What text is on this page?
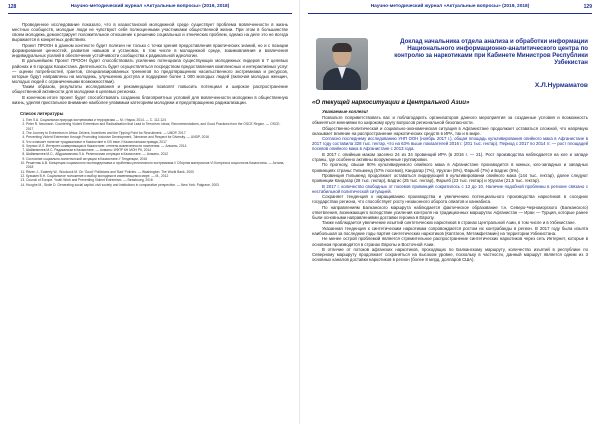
128	Научно-методический журнал «Актуальные вопросы» (2019, 2018)

Проведенное исследование показало, что в казахстанской молодежной среде существует проблема вовлеченности в жизнь местных сообществ, молодые люди не чувствуют себя полноценными участниками общественной жизни. При этом в большинстве своем молодежь демонстрирует положительное отношение к решению социальных и этнических проблем, однако на деле это не всегда выражается в конкретных действиях.

Проект ПРООН в данном контексте будет полезен не только с точки зрения предоставления практических знаний, но и с позиции формирования ценностей, развития навыков и установок, в том числе в молодежной среде, взаимовлияния и вовлечения индивидуальных усилий в обеспечение устойчивости сообщества к радикальной идеологии.

В дальнейшем Проект ПРООН будет способствовать усилению потенциала существующих молодежных лидеров в 7 целевых районах и 6 городах Казахстана. Деятельность будет осуществляться посредством предоставления комплексных и интерактивных услуг — оценки потребностей, грантов, специализированных тренингов по предотвращению насильственного экстремизма и ресурсов, которые будут направлены на молодежь, улучшению доступа и поддержке более 1 000 молодых людей (включая молодых женщин, молодых людей с ограниченными возможностями).

Таким образом, результаты исследования и рекомендации позволят повысить потенциал и широкое распространение общественной активности для молодежи в целевых регионах.

В конечном итоге проект будет способствовать созданию благоприятных условий для вовлеченности молодежи в общественную жизнь, уделяя пристальное внимание наиболее уязвимым категориям молодежи и предотвращению радикализации.

Список литературы
1. Пэн Л.А. Социальная природа экстремизма и терроризма — М.: Наука, 2014. — С. 112-124
2. Peter R. Neumann. Countering Violent Extremism and Radicalisation that Lead to Terrorism: Ideas, Recommendations, and Good Practices from the OSCE Region. — OSCE, 2017
3. The Journey to Extremism in Africa: Drivers, Incentives and the Tipping Point for Recruitment. — UNDP, 2017
4. Preventing Violent Extremism through Promoting Inclusive Development, Tolerance and Respect for Diversity. — UNDP, 2016
5. Что означает понятие «радикализм» в Казахстане в XXI веке // Казахстанская правда, 2017
6. Черных И.Л. Интернет-коммуникации в Казахстане: степень вовлеченности населения. — Алматы, 2014
7. Шайкемелев М.С. Радикализм в Казахстане. — Алматы: ИФПР КН МОН РК, 2014
8. Шайкемелев М.С., Абдрахманова Л.А. Религиозная ситуация в Казахстане. — Алматы, 2012
9. Состояние социально-политической ситуации в Казахстане // Тенденции, 2016
10. Решетняк А.В. Концепция социального постмодернизма и проблемы религиозного экстремизма // Сборник материалов VI Конгресса социологов Казахстана. — Астана, 2018
11. Ritzen J., Easterly W., Woolcock M. On 'Good' Politicians and 'Bad' Policies. — Washington: The World Bank, 2000
12. Кузьмин В.Н. Социальное положение и выбор молодежи в изменяющемся мире. — М., 2012
13. Council of Europe. Youth Work and Preventing Violent Extremism. — Strasbourg, 2016
14. Hooghe M., Stolle D. Generating social capital: civil society and institutions in comparative perspective. — New York: Palgrave, 2003
Научно-методический журнал «Актуальные вопросы» (2019, 2018)	129
Доклад начальника отдела анализа и обработки информации Национального информационно-аналитического центра по контролю за наркотиками при Кабинете Министров Республики Узбекистан
Х.Л.Нурмаматов
«О текущей наркоситуации в Центральной Азии»
Уважаемые коллеги!

Позвольте поприветствовать вас и поблагодарить организаторов данного мероприятия за созданные условия и возможность обменяться мнениями по широкому кругу вопросов региональной безопасности.

Общественно-политическая и социально-экономическая ситуация в Афганистане продолжает оставаться сложной, что напрямую оказывает влияние на распространение наркотических средств в ИРА, так и в мире.

Согласно последнему исследованию УНП ООН (ноябрь 2017 г.), общая площадь культивирования опийного мака в Афганистане в 2017 году составила 328 тыс. гектар, что на 63% выше показателей 2016 г. (201 тыс. гектар). Период с 2017 по 2014 гг. — рост площадей посевов опийного мака в Афганистане с 2013 года.

В 2017 г. опийным маком засеяно 24 из 34 провинций ИРА (в 2016 г. — 21). Рост производства наблюдается на юге и западе страны, где особенно активны вооруженные группировки.

По прогнозу, свыше 90% культивируемого опийного мака в Афганистане производится в южных, юго-западных и западных провинциях страны: Гильменд (57% посевов), Кандагар (7%), Урузган (8%), Фарьяб (7%) и Бадгис (5%).

Провинция Гильменд продолжает оставаться лидирующей в культивировании опийного мака (144 тыс. гектар), далее следуют провинции Кандагар (28 тыс. гектар), Бадгис (25 тыс. гектар), Фарьяб (23 тыс. гектар) и Урузган (21,5 тыс. гектар).

В 2017 г. количество свободных от посевов провинций сократилось с 13 до 10. Наличие подобной проблемы в регионе связано с нестабильной политической ситуацией.

Сохраняет тенденция к наращиванию производства и увеличению потенциального производства наркотиков в соседних государствах региона, что способствует росту незаконного оборота опиатов и каннабиса.

По направлениям Балканского маршрута наблюдается фактическое образование т.н. Северо-Черноморского (Балканского) ответвления, возникающего вследствие усиления контроля на традиционных маршрутах Афганистан — Иран — Турция, которые ранее были основными направлениями доставки героина в Европу.

Также наблюдается увеличение изъятий синтетических наркотиков в странах Центральной Азии, в том числе и в Узбекистане.

Указанная тенденция к синтетическим наркотикам сопровождается ростом их контрабанды в регион. В 2017 году была изъята наибольшая за последние годы партия синтетических наркотиков (Каптагон, Метамфетамин) на территории Узбекистана.

Не менее острой проблемой является стремительное распространение синтетических наркотиков через сеть Интернет, которые в основном производятся в странах Европы и Восточной Азии.

В отличие от потоков афганских наркотиков, проходящих по Балканскому маршруту, количество изъятий в республике по Северному маршруту продолжает сохраняться на высоком уровне, поскольку в частности, данный маршрут является одним из 3 основных каналов доставки наркотиков в регион (более 8 млрд. долларов США).
